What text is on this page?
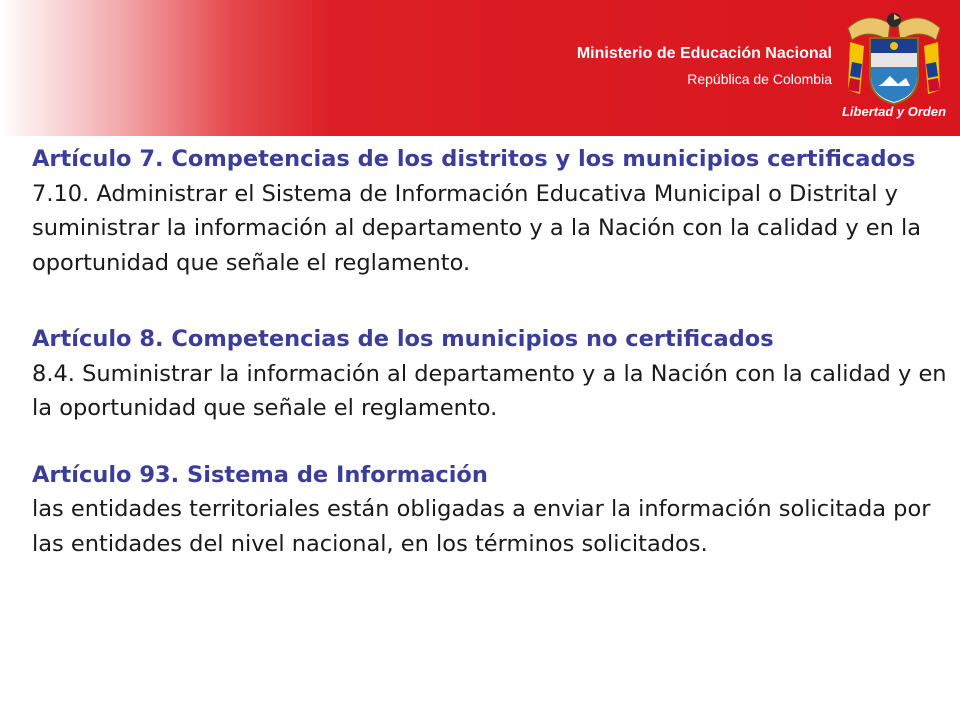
Ministerio de Educación Nacional
República de Colombia
Libertad y Orden
Artículo 7. Competencias de los distritos y los municipios certificados
7.10. Administrar el Sistema de Información Educativa Municipal o Distrital y suministrar la información al departamento y a la Nación con la calidad y en la oportunidad que señale el reglamento.
Artículo 8. Competencias de los municipios no certificados
8.4. Suministrar la información al departamento y a la Nación con la calidad y en la oportunidad que señale el reglamento.
Artículo 93. Sistema de Información
las entidades territoriales están obligadas a enviar la información solicitada por las entidades del nivel nacional, en los términos solicitados.
